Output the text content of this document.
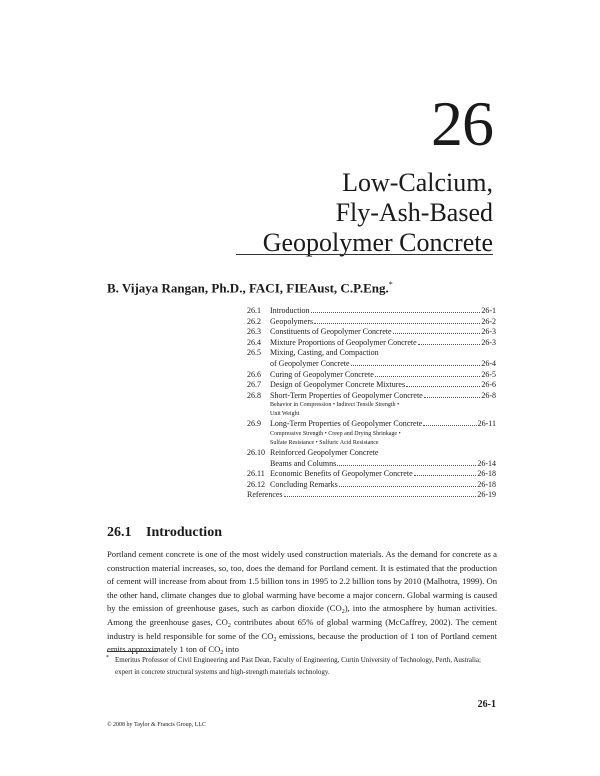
26
Low-Calcium,
Fly-Ash-Based
Geopolymer Concrete
B. Vijaya Rangan, Ph.D., FACI, FIEAust, C.P.Eng.*
26.1	Introduction	26-1
26.2	Geopolymers	26-2
26.3	Constituents of Geopolymer Concrete	26-3
26.4	Mixture Proportions of Geopolymer Concrete	26-3
26.5	Mixing, Casting, and Compaction
of Geopolymer Concrete	26-4
26.6	Curing of Geopolymer Concrete	26-5
26.7	Design of Geopolymer Concrete Mixtures	26-6
26.8	Short-Term Properties of Geopolymer Concrete	26-8
Behavior in Compression • Indirect Tensile Strength •
Unit Weight
26.9	Long-Term Properties of Geopolymer Concrete	26-11
Compressive Strength • Creep and Drying Shrinkage •
Sulfate Resistance • Sulfuric Acid Resistance
26.10 Reinforced Geopolymer Concrete
Beams and Columns	26-14
26.11 Economic Benefits of Geopolymer Concrete	26-18
26.12 Concluding Remarks	26-18
References	26-19
26.1 Introduction
Portland cement concrete is one of the most widely used construction materials. As the demand for concrete as a construction material increases, so, too, does the demand for Portland cement. It is estimated that the production of cement will increase from about from 1.5 billion tons in 1995 to 2.2 billion tons by 2010 (Malhotra, 1999). On the other hand, climate changes due to global warming have become a major concern. Global warming is caused by the emission of greenhouse gases, such as carbon dioxide $(CO_2)$, into the atmosphere by human activities. Among the greenhouse gases, $CO_2$ contributes about 65% of global warming (McCaffrey, 2002). The cement industry is held responsible for some of the $CO_2$ emissions, because the production of 1 ton of Portland cement emits approximately 1 ton of $CO_2$ into
* Emeritus Professor of Civil Engineering and Past Dean, Faculty of Engineering, Curtin University of Technology, Perth, Australia; expert in concrete structural systems and high-strength materials technology.
26-1
© 2008 by Taylor & Francis Group, LLC
